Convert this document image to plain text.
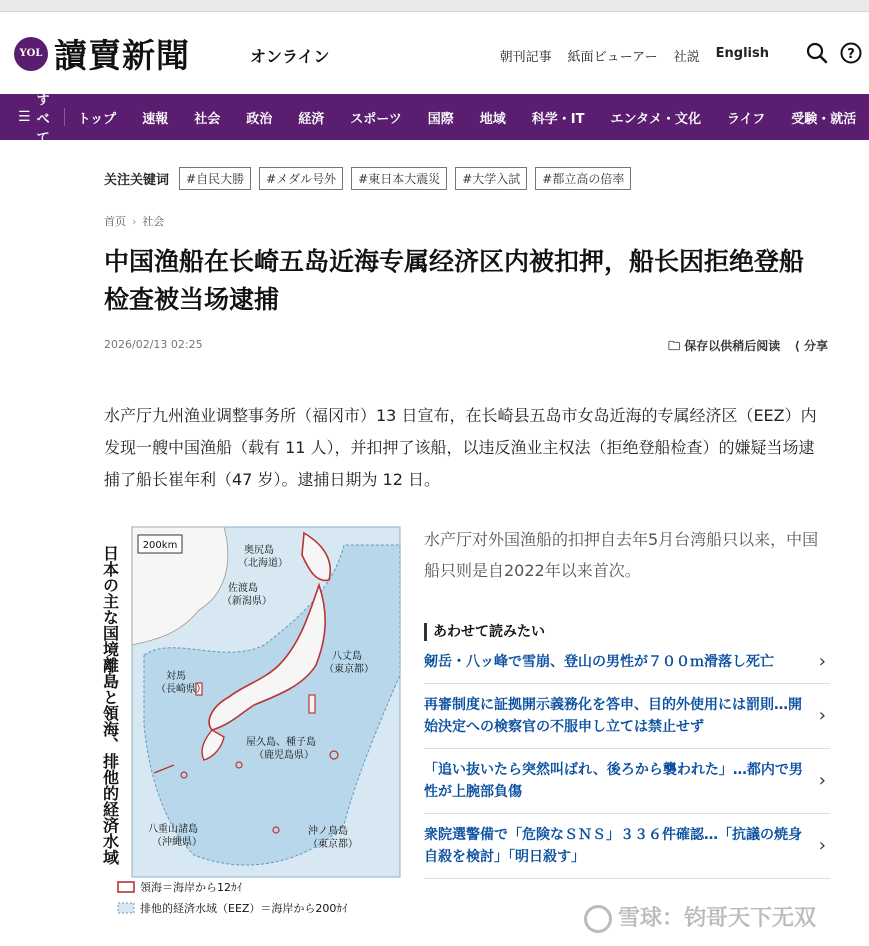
YOL 讀賣新聞	オンライン	朝刊記事 紙面ビューアー 社説 English	?
☰
すべて
トップ	速報	社会	政治	経済	スポーツ	国際	地域	科学・IT	エンタメ・文化	ライフ	受験・就活
关注关键词	#自民大勝	#メダル号外	#東日本大震災	#大学入試	#都立高の倍率
首页 › 社会
中国渔船在长崎五岛近海专属经济区内被扣押，船长因拒绝登船检查被当场逮捕
2026/02/13 02:25	🗀 保存以供稍后阅读 ⟨ 分享

水产厅九州渔业调整事务所（福冈市）13 日宣布，在长崎县五岛市女岛近海的专属经济区（EEZ）内发现一艘中国渔船（载有 11 人），并扣押了该船，以违反渔业主权法（拒绝登船检查）的嫌疑当场逮捕了船长崔年利（47 岁）。逮捕日期为 12 日。

200km
日本の主な国境離島と領海、排他的経済水域	奥尻島
（北海道）
佐渡島
（新潟県）
対馬
（長崎県）
八丈島
（東京都）
屋久島、種子島
（鹿児島県）
八重山諸島
（沖縄県）
沖ノ鳥島
（東京都）
領海＝海岸から12ｶｲ
排他的経済水域（EEZ）＝海岸から200ｶｲ

水产厅对外国渔船的扣押自去年5月台湾船只以来，中国船只则是自2022年以来首次。

あわせて読みたい
剱岳・八ッ峰で雪崩、登山の男性が７００ｍ滑落し死亡 ›
再審制度に証拠開示義務化を答申、目的外使用には罰則…開始決定への検察官の不服申し立ては禁止せず
›
「追い抜いたら突然叫ばれ、後ろから襲われた」…都内で男性が上腕部負傷
›
衆院選警備で「危険なＳＮＳ」３３６件確認…「抗議の焼身自殺を検討」「明日殺す」
›
雪球：钧哥天下无双
